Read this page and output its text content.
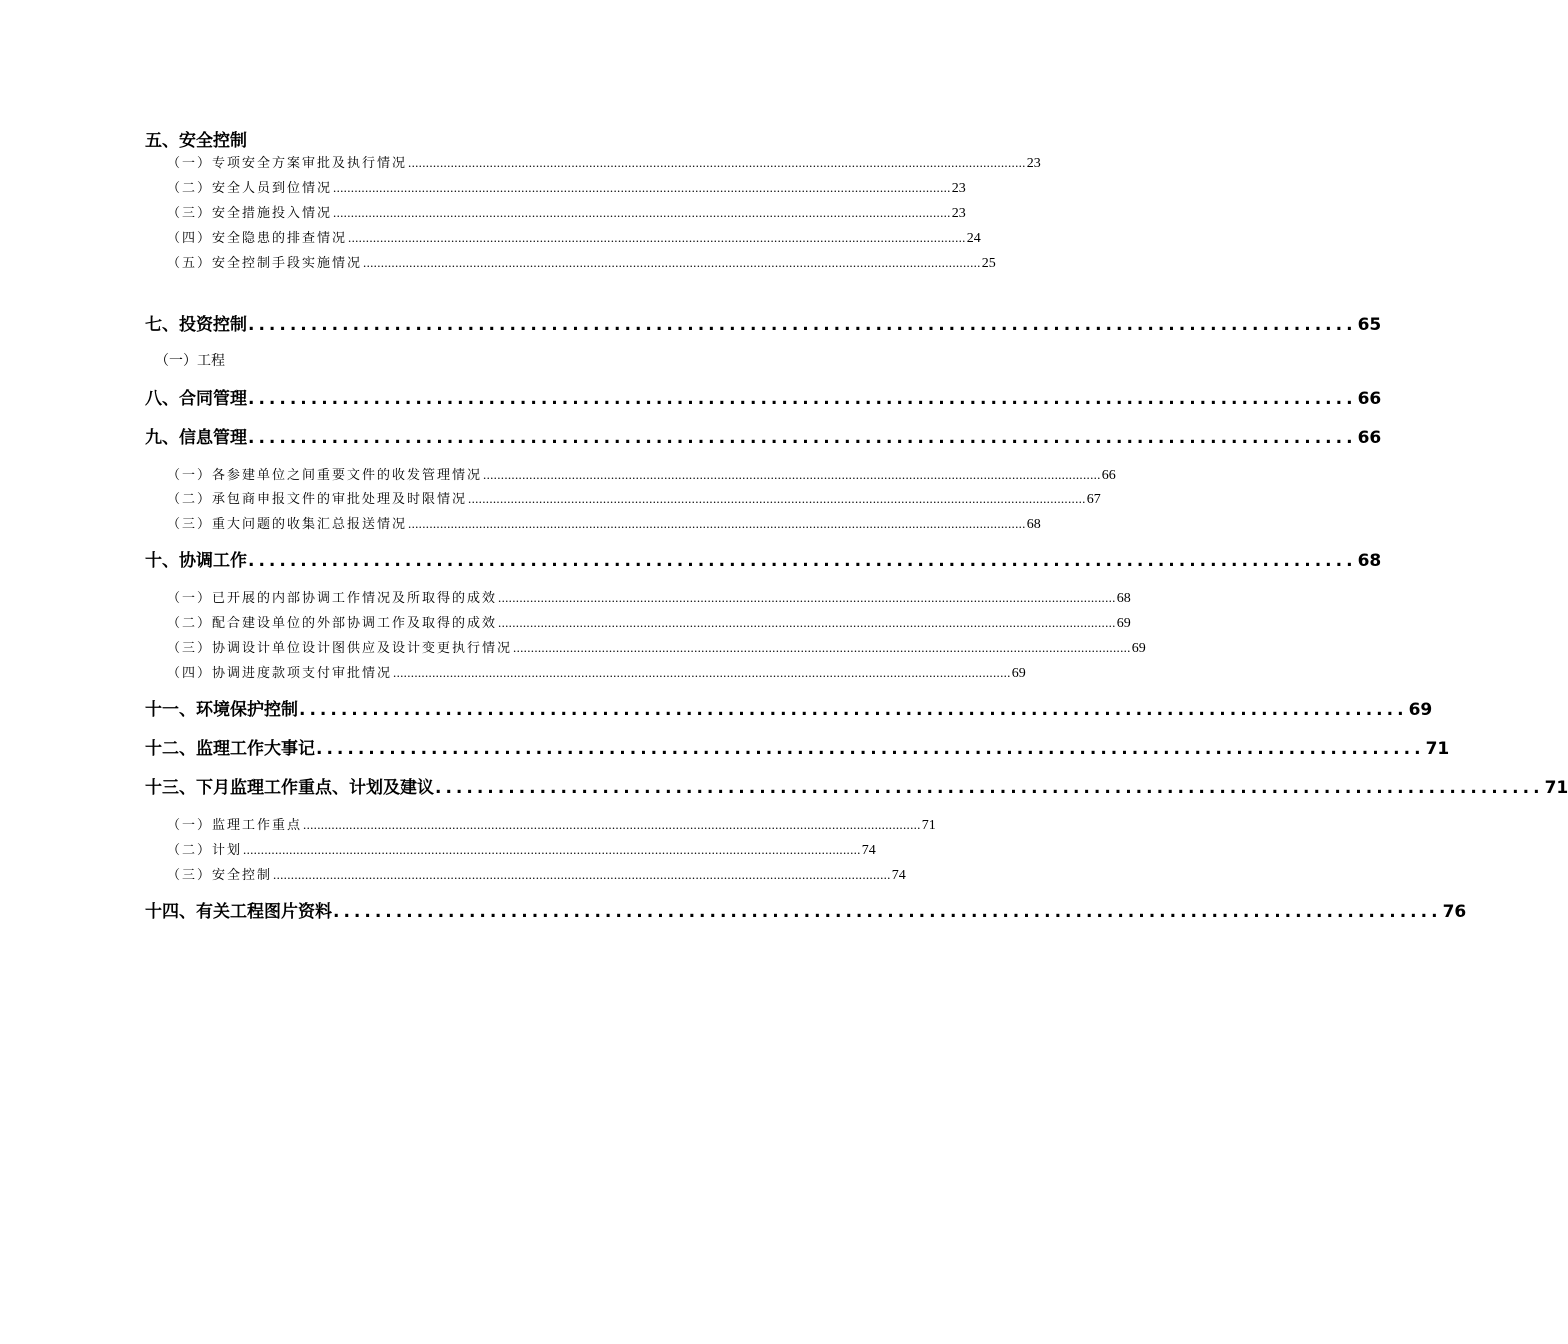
五、安全控制
（一）专项安全方案审批及执行情况 .............................................................................................................................................................................. 23
（二）安全人员到位情况 .............................................................................................................................................................................. 23
（三）安全措施投入情况 .............................................................................................................................................................................. 23
（四）安全隐患的排查情况 .............................................................................................................................................................................. 24
（五）安全控制手段实施情况 .............................................................................................................................................................................. 25
七、投资控制 .......................................................................................................... 65
（一）工程
八、合同管理 .......................................................................................................... 66
九、信息管理 .......................................................................................................... 66
（一）各参建单位之间重要文件的收发管理情况 .............................................................................................................................................................................. 66
（二）承包商申报文件的审批处理及时限情况 .............................................................................................................................................................................. 67
（三）重大问题的收集汇总报送情况 .............................................................................................................................................................................. 68
十、协调工作 .......................................................................................................... 68
（一）已开展的内部协调工作情况及所取得的成效 .............................................................................................................................................................................. 68
（二）配合建设单位的外部协调工作及取得的成效 .............................................................................................................................................................................. 69
（三）协调设计单位设计图供应及设计变更执行情况 .............................................................................................................................................................................. 69
（四）协调进度款项支付审批情况 .............................................................................................................................................................................. 69
十一、环境保护控制 .......................................................................................................... 69
十二、监理工作大事记 .......................................................................................................... 71
十三、下月监理工作重点、计划及建议 .......................................................................................................... 71
（一）监理工作重点 .............................................................................................................................................................................. 71
（二）计划 .............................................................................................................................................................................. 74
（三）安全控制 .............................................................................................................................................................................. 74
十四、有关工程图片资料 .......................................................................................................... 76
